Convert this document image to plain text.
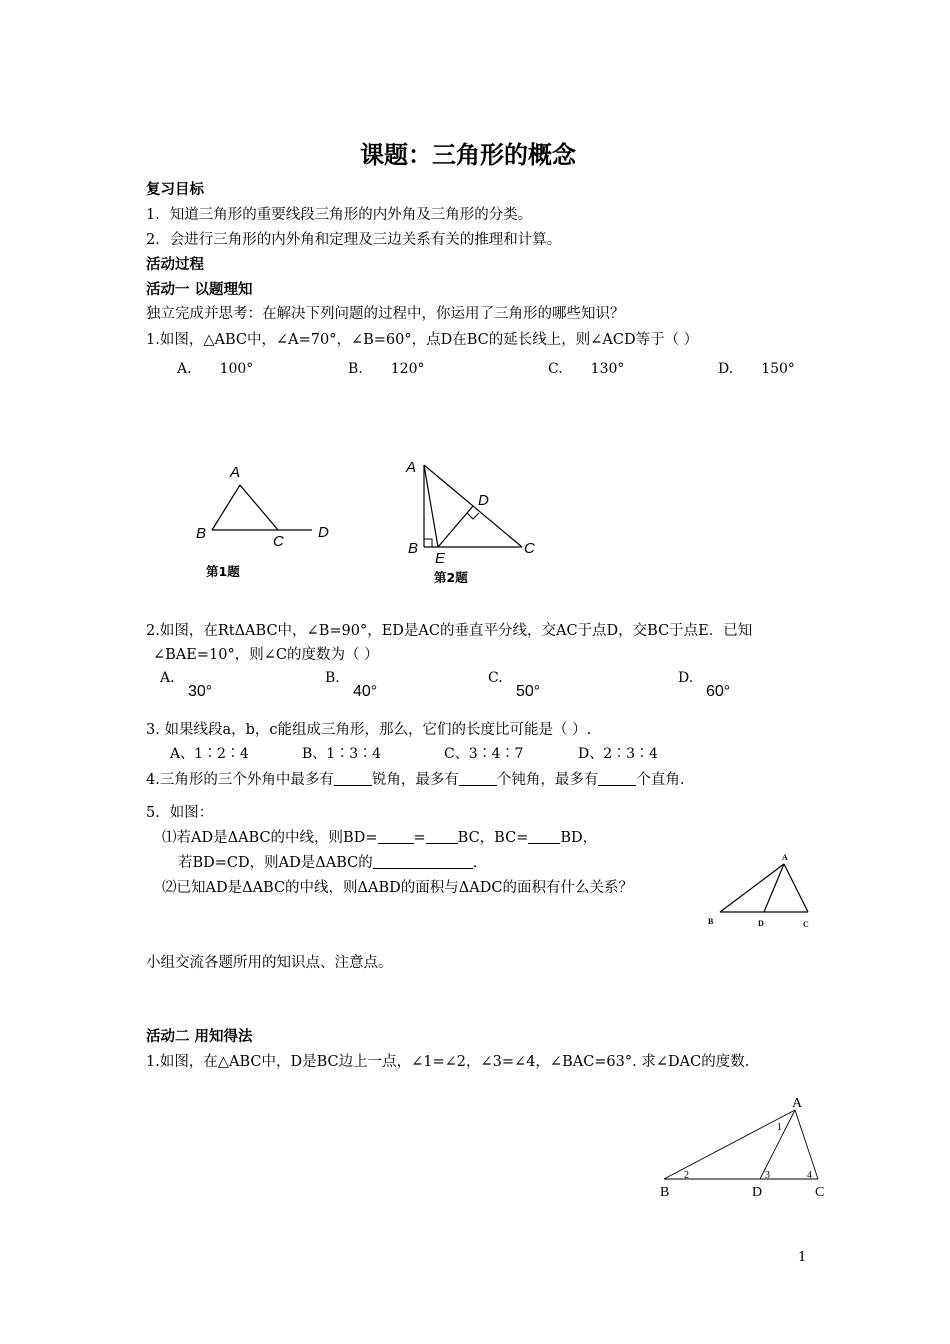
课题：三角形的概念
复习目标
1．知道三角形的重要线段三角形的内外角及三角形的分类。
2．会进行三角形的内外角和定理及三边关系有关的推理和计算。
活动过程
活动一 以题理知
独立完成并思考：在解决下列问题的过程中，你运用了三角形的哪些知识？
1.如图，△ABC中，∠A=70°，∠B=60°，点D在BC的延长线上，则∠ACD等于（ ）
A. 100°	B. 120°	C. 130°	D. 150°
A
B	C
D
第1题
A
B	C
D
E
第2题
2.如图，在RtΔABC中，∠B=90°，ED是AC的垂直平分线，交AC于点D，交BC于点E．已知
∠BAE=10°，则∠C的度数为（ ）
A.
30°
B.
40°
C.
50°
D.
60°
3. 如果线段a，b，c能组成三角形，那么，它们的长度比可能是（ ）.
A、1∶2∶4	B、1∶3∶4	C、3∶4∶7	D、2∶3∶4
4.三角形的三个外角中最多有	锐角，最多有	个钝角，最多有	个直角.
5．如图：
⑴若AD是ΔABC的中线，则BD= = BC，BC= BD，
若BD=CD，则AD是ΔABC的	.
⑵已知AD是ΔABC的中线，则ΔABD的面积与ΔADC的面积有什么关系？
A
B	D	C
小组交流各题所用的知识点、注意点。
活动二 用知得法
1.如图，在△ABC中，D是BC边上一点，∠1=∠2，∠3=∠4，∠BAC=63°. 求∠DAC的度数.
A
B	D	C
1
2	3	4
1
